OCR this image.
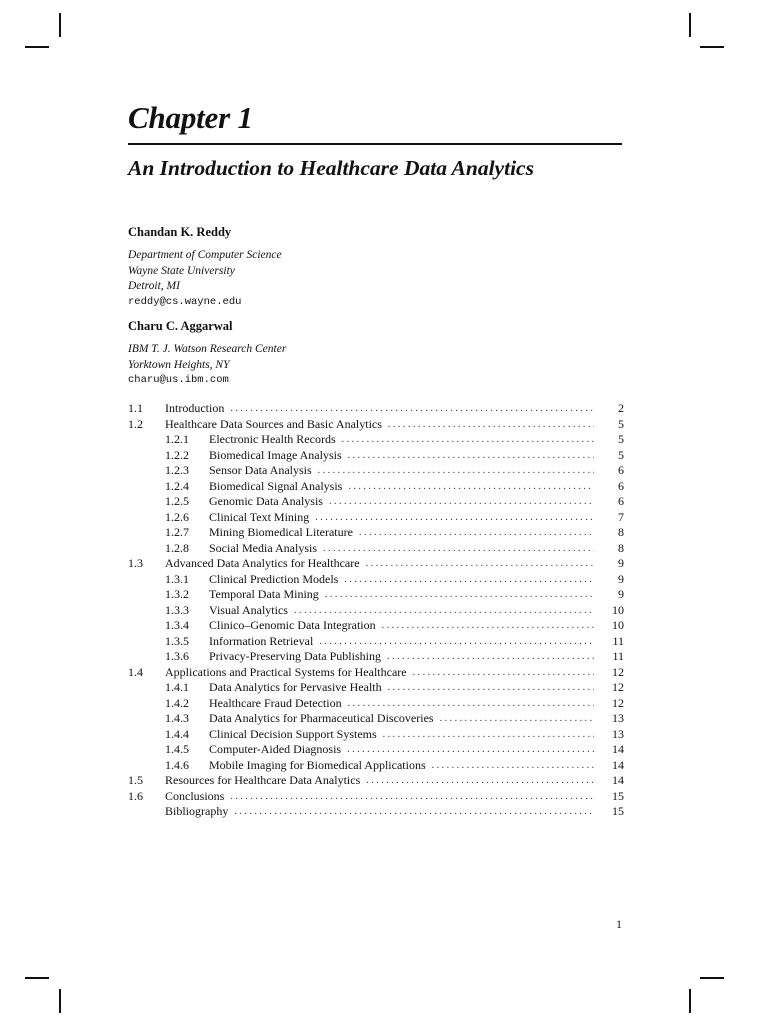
Chapter 1
An Introduction to Healthcare Data Analytics
Chandan K. Reddy
Department of Computer Science
Wayne State University
Detroit, MI
reddy@cs.wayne.edu
Charu C. Aggarwal
IBM T. J. Watson Research Center
Yorktown Heights, NY
charu@us.ibm.com
1.1 Introduction . . .	2
1.2 Healthcare Data Sources and Basic Analytics . . .	5
1.2.1 Electronic Health Records . . .	5
1.2.2 Biomedical Image Analysis . . .	5
1.2.3 Sensor Data Analysis . . .	6
1.2.4 Biomedical Signal Analysis . . .	6
1.2.5 Genomic Data Analysis . . .	6
1.2.6 Clinical Text Mining . . .	7
1.2.7 Mining Biomedical Literature . . .	8
1.2.8 Social Media Analysis . . .	8
1.3 Advanced Data Analytics for Healthcare . . .	9
1.3.1 Clinical Prediction Models . . .	9
1.3.2 Temporal Data Mining . . .	9
1.3.3 Visual Analytics . . .	10
1.3.4 Clinico–Genomic Data Integration . . .	10
1.3.5 Information Retrieval . . .	11
1.3.6 Privacy-Preserving Data Publishing . . .	11
1.4 Applications and Practical Systems for Healthcare . . .	12
1.4.1 Data Analytics for Pervasive Health . . .	12
1.4.2 Healthcare Fraud Detection . . .	12
1.4.3 Data Analytics for Pharmaceutical Discoveries . . .	13
1.4.4 Clinical Decision Support Systems . . .	13
1.4.5 Computer-Aided Diagnosis . . .	14
1.4.6 Mobile Imaging for Biomedical Applications . . .	14
1.5 Resources for Healthcare Data Analytics . . .	14
1.6 Conclusions . . .	15
Bibliography . . .	15
1
